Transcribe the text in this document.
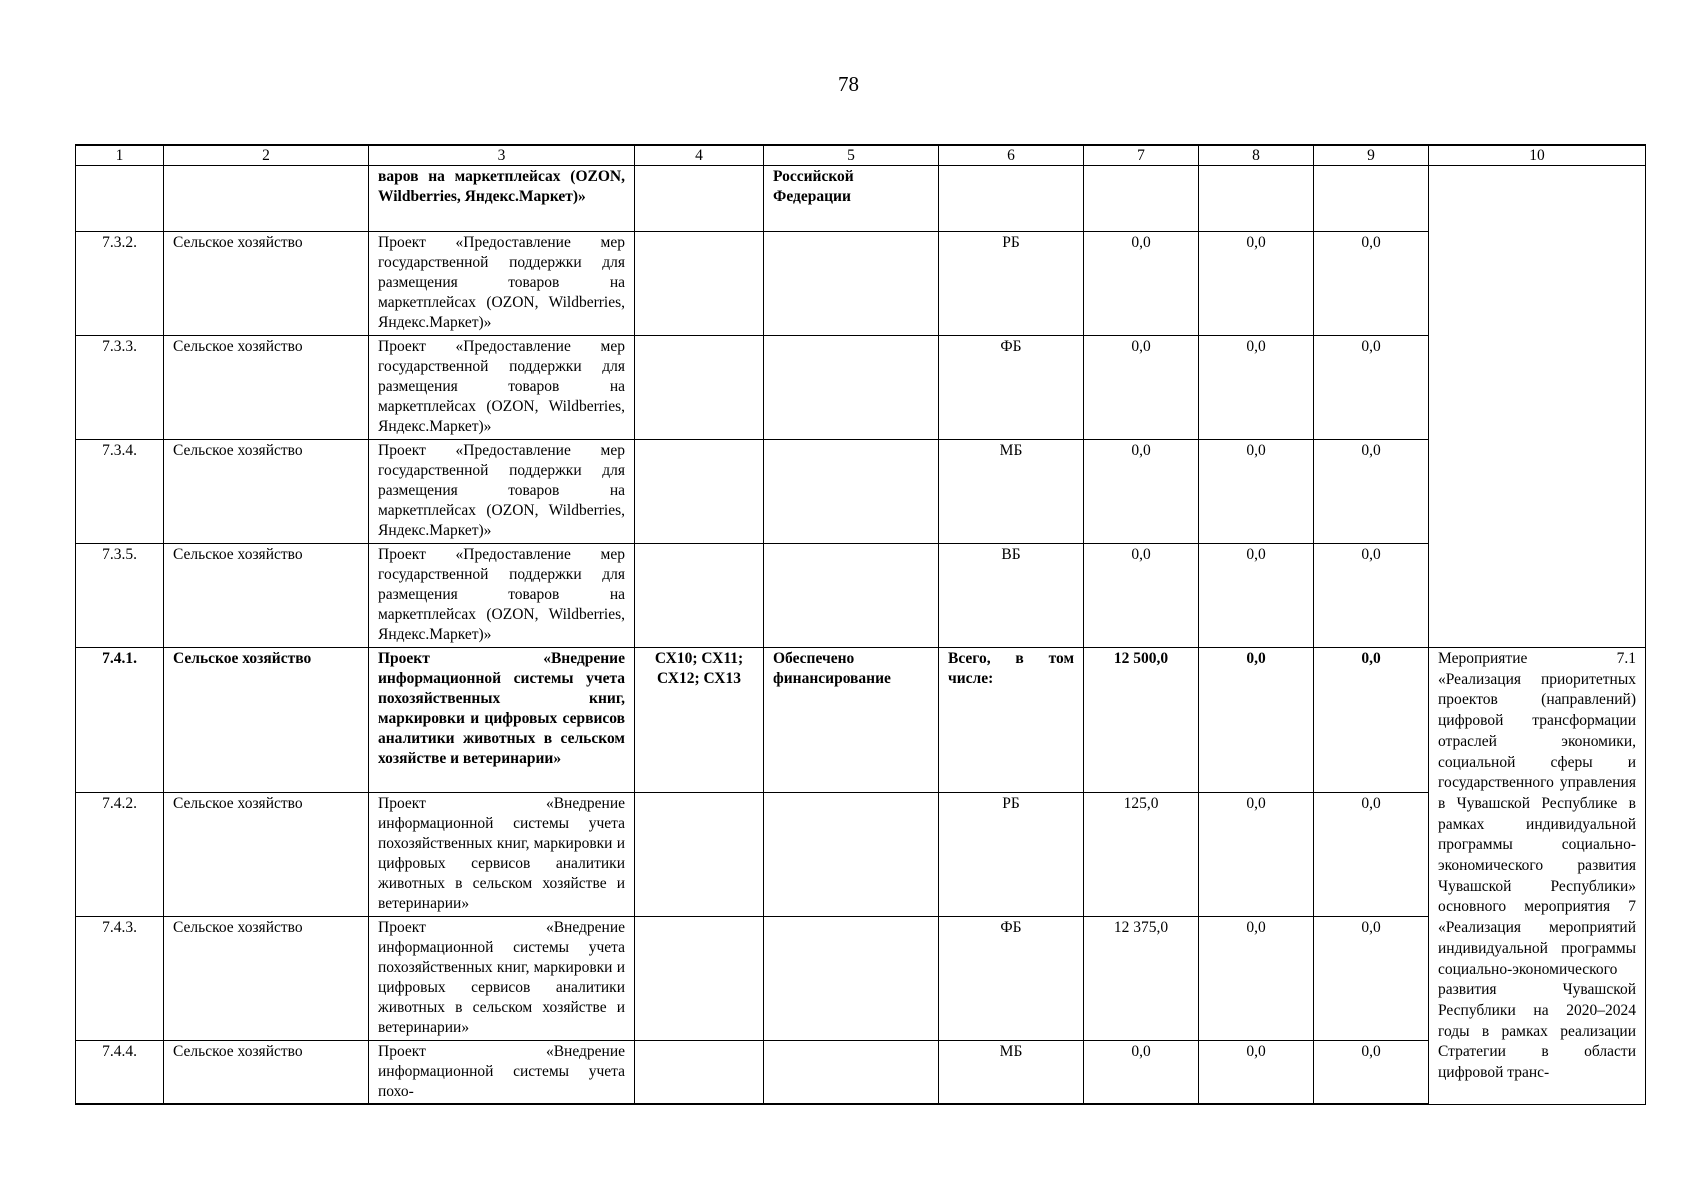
78
1	2	3	4	5	6	7	8	9	10
		варов на маркетплейсах (OZON, Wildberries, Яндекс.Маркет)»		Российской Федерации					
7.3.2.	Сельское хозяйство	Проект «Предоставление мер государственной поддержки для размещения товаров на маркетплейсах (OZON, Wildberries, Яндекс.Маркет)»			РБ	0,0	0,0	0,0	
7.3.3.	Сельское хозяйство	Проект «Предоставление мер государственной поддержки для размещения товаров на маркетплейсах (OZON, Wildberries, Яндекс.Маркет)»			ФБ	0,0	0,0	0,0	
7.3.4.	Сельское хозяйство	Проект «Предоставление мер государственной поддержки для размещения товаров на маркетплейсах (OZON, Wildberries, Яндекс.Маркет)»			МБ	0,0	0,0	0,0	
7.3.5.	Сельское хозяйство	Проект «Предоставление мер государственной поддержки для размещения товаров на маркетплейсах (OZON, Wildberries, Яндекс.Маркет)»			ВБ	0,0	0,0	0,0	
7.4.1.	Сельское хозяйство	Проект «Внедрение информационной системы учета похозяйственных книг, маркировки и цифровых сервисов аналитики животных в сельском хозяйстве и ветеринарии»	СХ10; СХ11; СХ12; СХ13	Обеспечено финансирование	Всего, в том числе:	12 500,0	0,0	0,0	Мероприятие 7.1 «Реализация приоритетных проектов (направлений) цифровой трансформации отраслей экономики, социальной сферы и государственного управления в Чувашской Республике в рамках индивидуальной программы социально-экономического развития Чувашской Республики» основного мероприятия 7 «Реализация мероприятий индивидуальной программы социально-экономического развития Чувашской Республики на 2020–2024 годы в рамках реализации Стратегии в области цифровой транс-

7.4.2.	Сельское хозяйство	Проект «Внедрение информационной системы учета похозяйственных книг, маркировки и цифровых сервисов аналитики животных в сельском хозяйстве и ветеринарии»			РБ	125,0	0,0	0,0	
7.4.3.	Сельское хозяйство	Проект «Внедрение информационной системы учета похозяйственных книг, маркировки и цифровых сервисов аналитики животных в сельском хозяйстве и ветеринарии»			ФБ	12 375,0	0,0	0,0	
7.4.4.	Сельское хозяйство	Проект «Внедрение информационной системы учета похо-			МБ	0,0	0,0	0,0	
